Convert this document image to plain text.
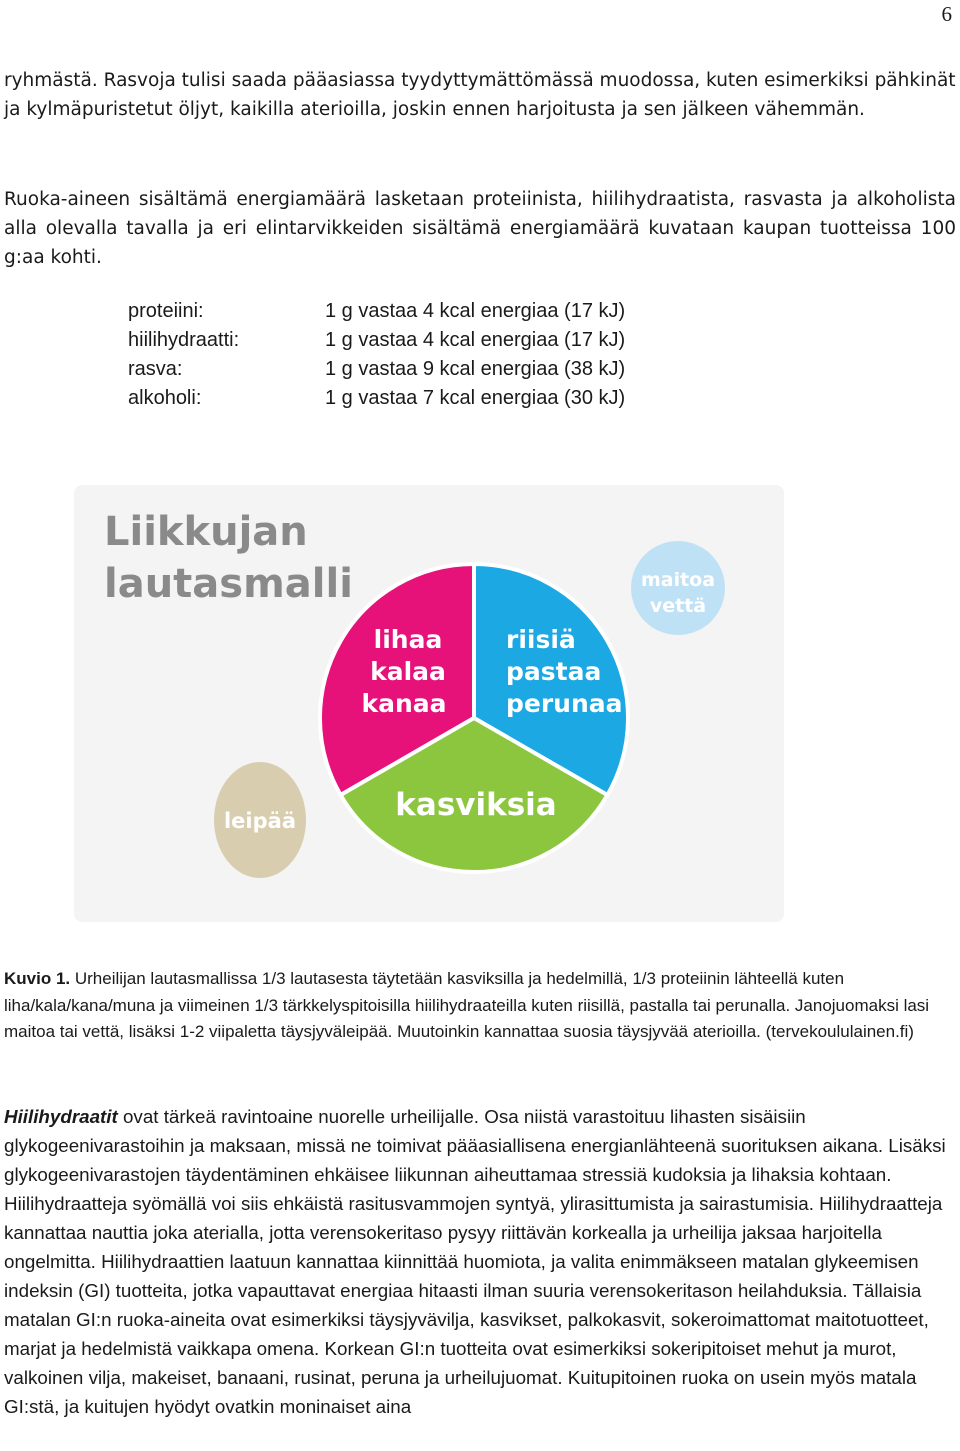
6

ryhmästä. Rasvoja tulisi saada pääasiassa tyydyttymättömässä muodossa, kuten esimerkiksi pähkinät ja kylmäpuristetut öljyt, kaikilla aterioilla, joskin ennen harjoitusta ja sen jälkeen vähemmän.

Ruoka-aineen sisältämä energiamäärä lasketaan proteiinista, hiilihydraatista, rasvasta ja alkoholista alla olevalla tavalla ja eri elintarvikkeiden sisältämä energiamäärä kuvataan kaupan tuotteissa 100 g:aa kohti.

proteiini:	1 g vastaa 4 kcal energiaa (17 kJ)
hiilihydraatti:	1 g vastaa 4 kcal energiaa (17 kJ)
rasva:	1 g vastaa 9 kcal energiaa (38 kJ)
alkoholi:	1 g vastaa 7 kcal energiaa (30 kJ)
Liikkujan
lautasmalli	maitoa
vettä
leipää
lihaa
kalaa
kanaa
riisiä
pastaa
perunaa
kasviksia

Kuvio 1. Urheilijan lautasmallissa 1/3 lautasesta täytetään kasviksilla ja hedelmillä, 1/3 proteiinin lähteellä kuten liha/kala/kana/muna ja viimeinen 1/3 tärkkelyspitoisilla hiilihydraateilla kuten riisillä, pastalla tai perunalla. Janojuomaksi lasi maitoa tai vettä, lisäksi 1-2 viipaletta täysjyväleipää. Muutoinkin kannattaa suosia täysjyvää aterioilla. (tervekoululainen.fi)

Hiilihydraatit ovat tärkeä ravintoaine nuorelle urheilijalle. Osa niistä varastoituu lihasten sisäisiin glykogeenivarastoihin ja maksaan, missä ne toimivat pääasiallisena energianlähteenä suorituksen aikana. Lisäksi glykogeenivarastojen täydentäminen ehkäisee liikunnan aiheuttamaa stressiä kudoksia ja lihaksia kohtaan. Hiilihydraatteja syömällä voi siis ehkäistä rasitusvammojen syntyä, ylirasittumista ja sairastumisia. Hiilihydraatteja kannattaa nauttia joka aterialla, jotta verensokeritaso pysyy riittävän korkealla ja urheilija jaksaa harjoitella ongelmitta. Hiilihydraattien laatuun kannattaa kiinnittää huomiota, ja valita enimmäkseen matalan glykeemisen indeksin (GI) tuotteita, jotka vapauttavat energiaa hitaasti ilman suuria verensokeritason heilahduksia. Tällaisia matalan GI:n ruoka-aineita ovat esimerkiksi täysjyvävilja, kasvikset, palkokasvit, sokeroimattomat maitotuotteet, marjat ja hedelmistä vaikkapa omena. Korkean GI:n tuotteita ovat esimerkiksi sokeripitoiset mehut ja murot, valkoinen vilja, makeiset, banaani, rusinat, peruna ja urheilujuomat. Kuitupitoinen ruoka on usein myös matala GI:stä, ja kuitujen hyödyt ovatkin moninaiset aina
